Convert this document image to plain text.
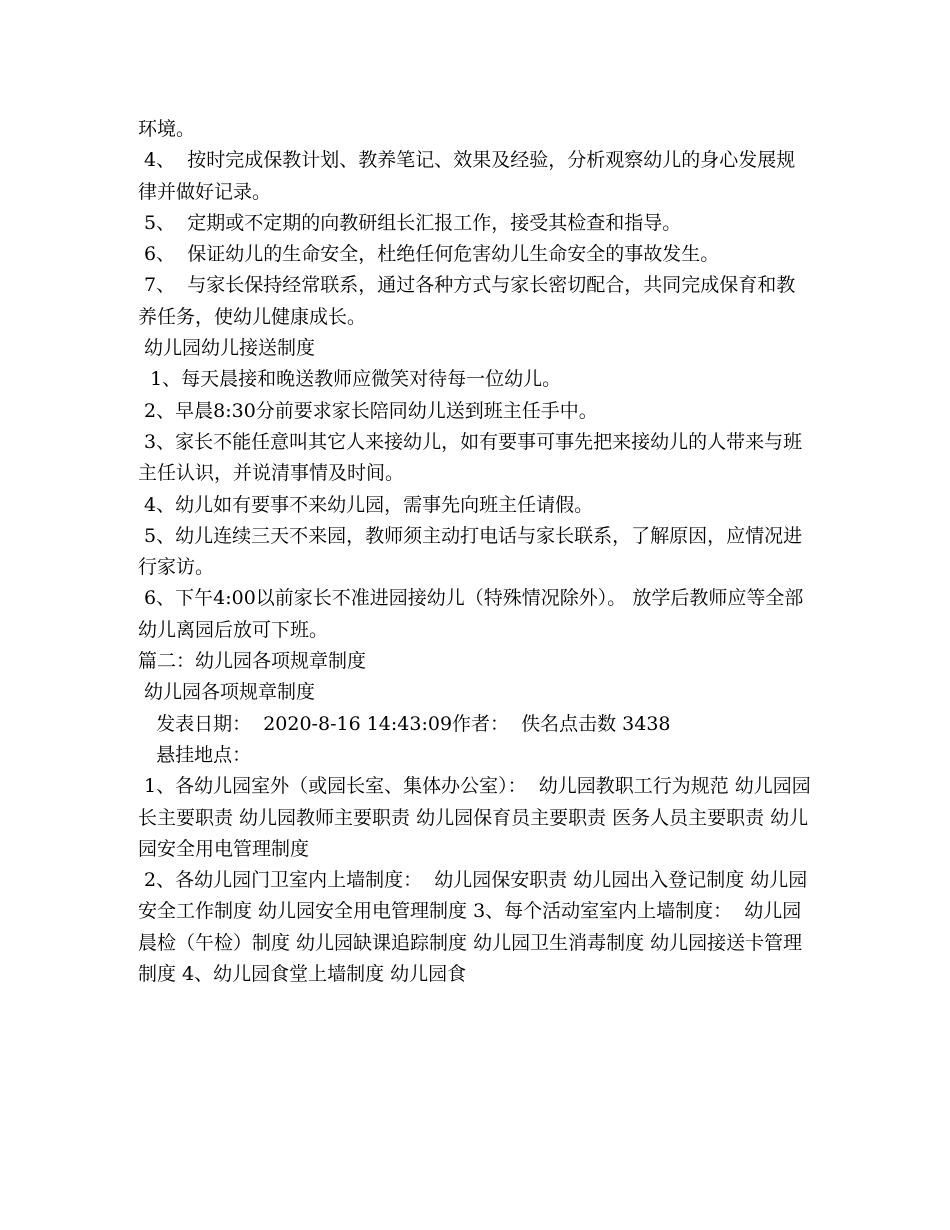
环境。

4、  按时完成保教计划、教养笔记、效果及经验，分析观察幼儿的身心发展规律并做好记录。

5、  定期或不定期的向教研组长汇报工作，接受其检查和指导。

6、  保证幼儿的生命安全，杜绝任何危害幼儿生命安全的事故发生。

7、  与家长保持经常联系，通过各种方式与家长密切配合，共同完成保育和教养任务，使幼儿健康成长。

幼儿园幼儿接送制度

1、每天晨接和晚送教师应微笑对待每一位幼儿。

2、早晨8:30分前要求家长陪同幼儿送到班主任手中。

3、家长不能任意叫其它人来接幼儿，如有要事可事先把来接幼儿的人带来与班主任认识，并说清事情及时间。

4、幼儿如有要事不来幼儿园，需事先向班主任请假。

5、幼儿连续三天不来园，教师须主动打电话与家长联系，了解原因，应情况进行家访。

6、下午4:00以前家长不准进园接幼儿（特殊情况除外）。 放学后教师应等全部幼儿离园后放可下班。

篇二：幼儿园各项规章制度

幼儿园各项规章制度

发表日期：  2020-8-16 14:43:09作者：  佚名点击数 3438

悬挂地点：

1、各幼儿园室外（或园长室、集体办公室）：  幼儿园教职工行为规范 幼儿园园长主要职责 幼儿园教师主要职责 幼儿园保育员主要职责 医务人员主要职责 幼儿园安全用电管理制度

2、各幼儿园门卫室内上墙制度：  幼儿园保安职责 幼儿园出入登记制度 幼儿园安全工作制度 幼儿园安全用电管理制度 3、每个活动室室内上墙制度：  幼儿园晨检（午检）制度 幼儿园缺课追踪制度 幼儿园卫生消毒制度 幼儿园接送卡管理制度 4、幼儿园食堂上墙制度 幼儿园食
